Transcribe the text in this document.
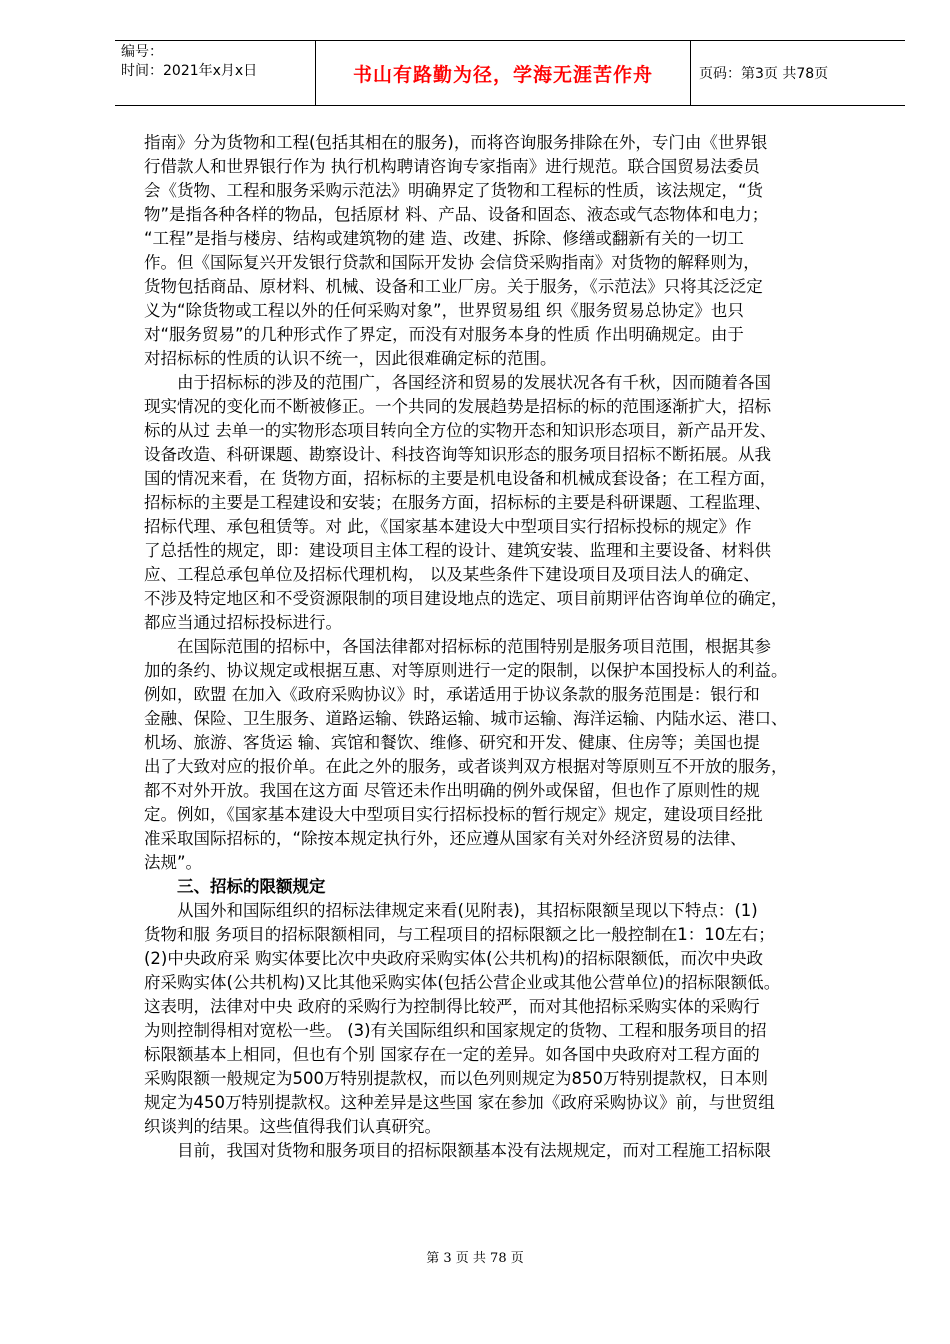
编号：
时间：2021年x月x日	书山有路勤为径，学海无涯苦作舟	页码：第3页 共78页
指南》分为货物和工程(包括其相在的服务)，而将咨询服务排除在外，专门由《世界银
行借款人和世界银行作为 执行机构聘请咨询专家指南》进行规范。联合国贸易法委员
会《货物、工程和服务采购示范法》明确界定了货物和工程标的性质，该法规定，“货
物”是指各种各样的物品，包括原材 料、产品、设备和固态、液态或气态物体和电力；
“工程”是指与楼房、结构或建筑物的建 造、改建、拆除、修缮或翻新有关的一切工
作。但《国际复兴开发银行贷款和国际开发协 会信贷采购指南》对货物的解释则为，
货物包括商品、原材料、机械、设备和工业厂房。关于服务，《示范法》只将其泛泛定
义为“除货物或工程以外的任何采购对象”，世界贸易组 织《服务贸易总协定》也只
对“服务贸易”的几种形式作了界定，而没有对服务本身的性质 作出明确规定。由于
对招标标的性质的认识不统一，因此很难确定标的范围。
由于招标标的涉及的范围广，各国经济和贸易的发展状况各有千秋，因而随着各国
现实情况的变化而不断被修正。一个共同的发展趋势是招标的标的范围逐渐扩大，招标
标的从过 去单一的实物形态项目转向全方位的实物开态和知识形态项目，新产品开发、
设备改造、科研课题、勘察设计、科技咨询等知识形态的服务项目招标不断拓展。从我
国的情况来看，在 货物方面，招标标的主要是机电设备和机械成套设备；在工程方面，
招标标的主要是工程建设和安装；在服务方面，招标标的主要是科研课题、工程监理、
招标代理、承包租赁等。对 此，《国家基本建设大中型项目实行招标投标的规定》作
了总括性的规定，即：建设项目主体工程的设计、建筑安装、监理和主要设备、材料供
应、工程总承包单位及招标代理机构， 以及某些条件下建设项目及项目法人的确定、
不涉及特定地区和不受资源限制的项目建设地点的选定、项目前期评估咨询单位的确定，
都应当通过招标投标进行。
在国际范围的招标中，各国法律都对招标标的范围特别是服务项目范围，根据其参
加的条约、协议规定或根据互惠、对等原则进行一定的限制，以保护本国投标人的利益。
例如，欧盟 在加入《政府采购协议》时，承诺适用于协议条款的服务范围是：银行和
金融、保险、卫生服务、道路运输、铁路运输、城市运输、海洋运输、内陆水运、港口、
机场、旅游、客货运 输、宾馆和餐饮、维修、研究和开发、健康、住房等；美国也提
出了大致对应的报价单。在此之外的服务，或者谈判双方根据对等原则互不开放的服务，
都不对外开放。我国在这方面 尽管还未作出明确的例外或保留，但也作了原则性的规
定。例如，《国家基本建设大中型项目实行招标投标的暂行规定》规定，建设项目经批
准采取国际招标的，“除按本规定执行外，还应遵从国家有关对外经济贸易的法律、
法规”。
三、招标的限额规定
从国外和国际组织的招标法律规定来看(见附表)，其招标限额呈现以下特点：(1)
货物和服 务项目的招标限额相同，与工程项目的招标限额之比一般控制在1：10左右；
(2)中央政府采 购实体要比次中央政府采购实体(公共机构)的招标限额低，而次中央政
府采购实体(公共机构)又比其他采购实体(包括公营企业或其他公营单位)的招标限额低。
这表明，法律对中央 政府的采购行为控制得比较严，而对其他招标采购实体的采购行
为则控制得相对宽松一些。 (3)有关国际组织和国家规定的货物、工程和服务项目的招
标限额基本上相同，但也有个别 国家存在一定的差异。如各国中央政府对工程方面的
采购限额一般规定为500万特别提款权，而以色列则规定为850万特别提款权，日本则
规定为450万特别提款权。这种差异是这些国 家在参加《政府采购协议》前，与世贸组
织谈判的结果。这些值得我们认真研究。
目前，我国对货物和服务项目的招标限额基本没有法规规定，而对工程施工招标限
第 3 页 共 78 页
